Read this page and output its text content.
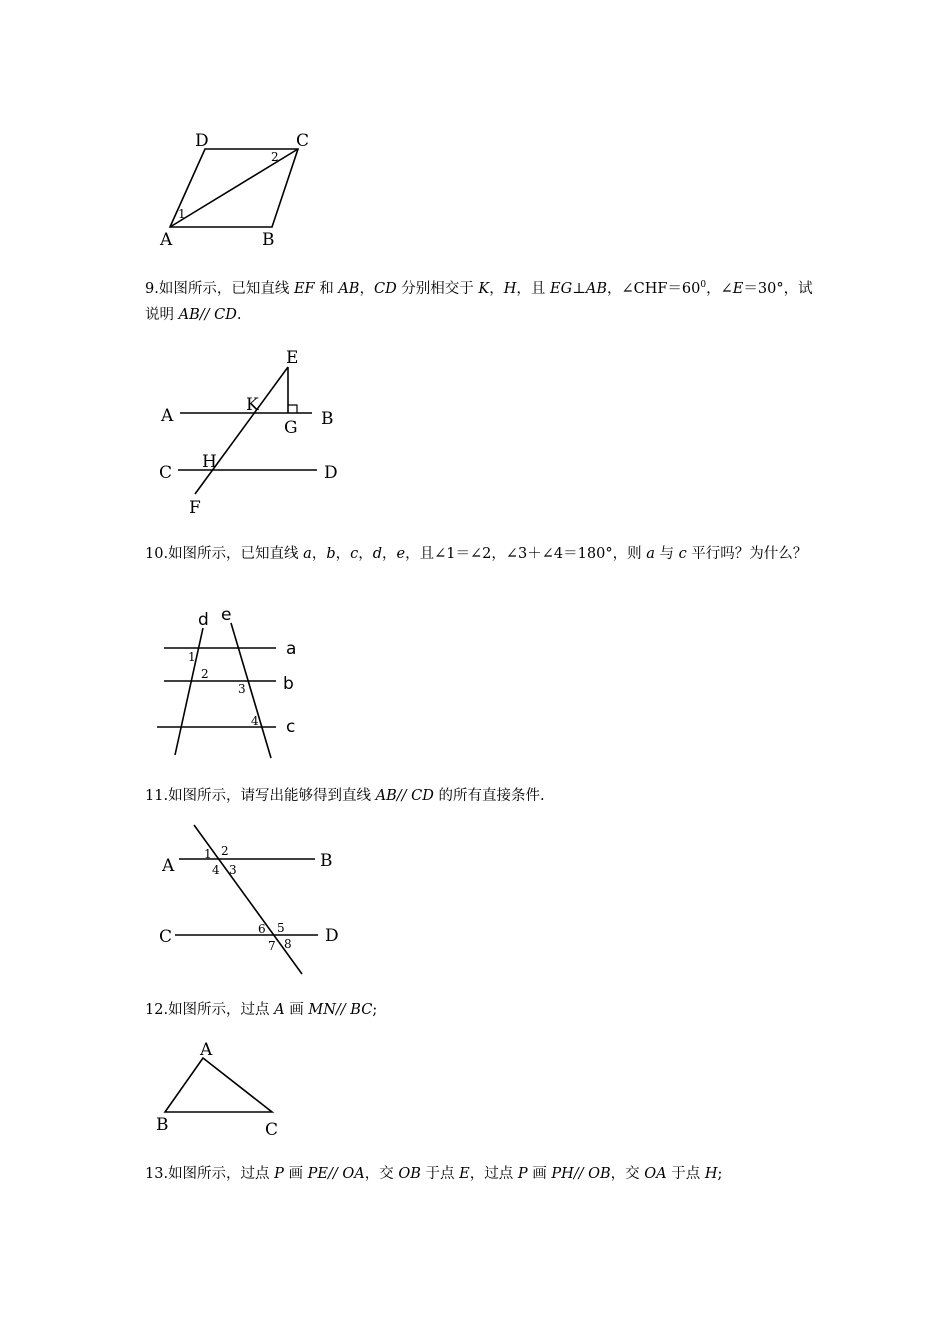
D	C
A	B
1
2
9.如图所示，已知直线 EF 和 AB，CD 分别相交于 K，H，且 EG⊥AB，$\angle CHF=60^0$，∠E＝30°，试说明 AB// CD.
E
A
K
B
G
C
H
D
F
10.如图所示，已知直线 a，b，c，d，e，且∠1＝∠2，∠3＋∠4＝180°，则 a 与 c 平行吗？为什么？
d e
a
b
c
1
2
3
4
11.如图所示，请写出能够得到直线 AB// CD 的所有直接条件.
A	B
C	D
1 2
4 3
6 5
7 8
12.如图所示，过点 A 画 MN// BC;
A
B	C
13.如图所示，过点 P 画 PE// OA，交 OB 于点 E，过点 P 画 PH// OB，交 OA 于点 H;
